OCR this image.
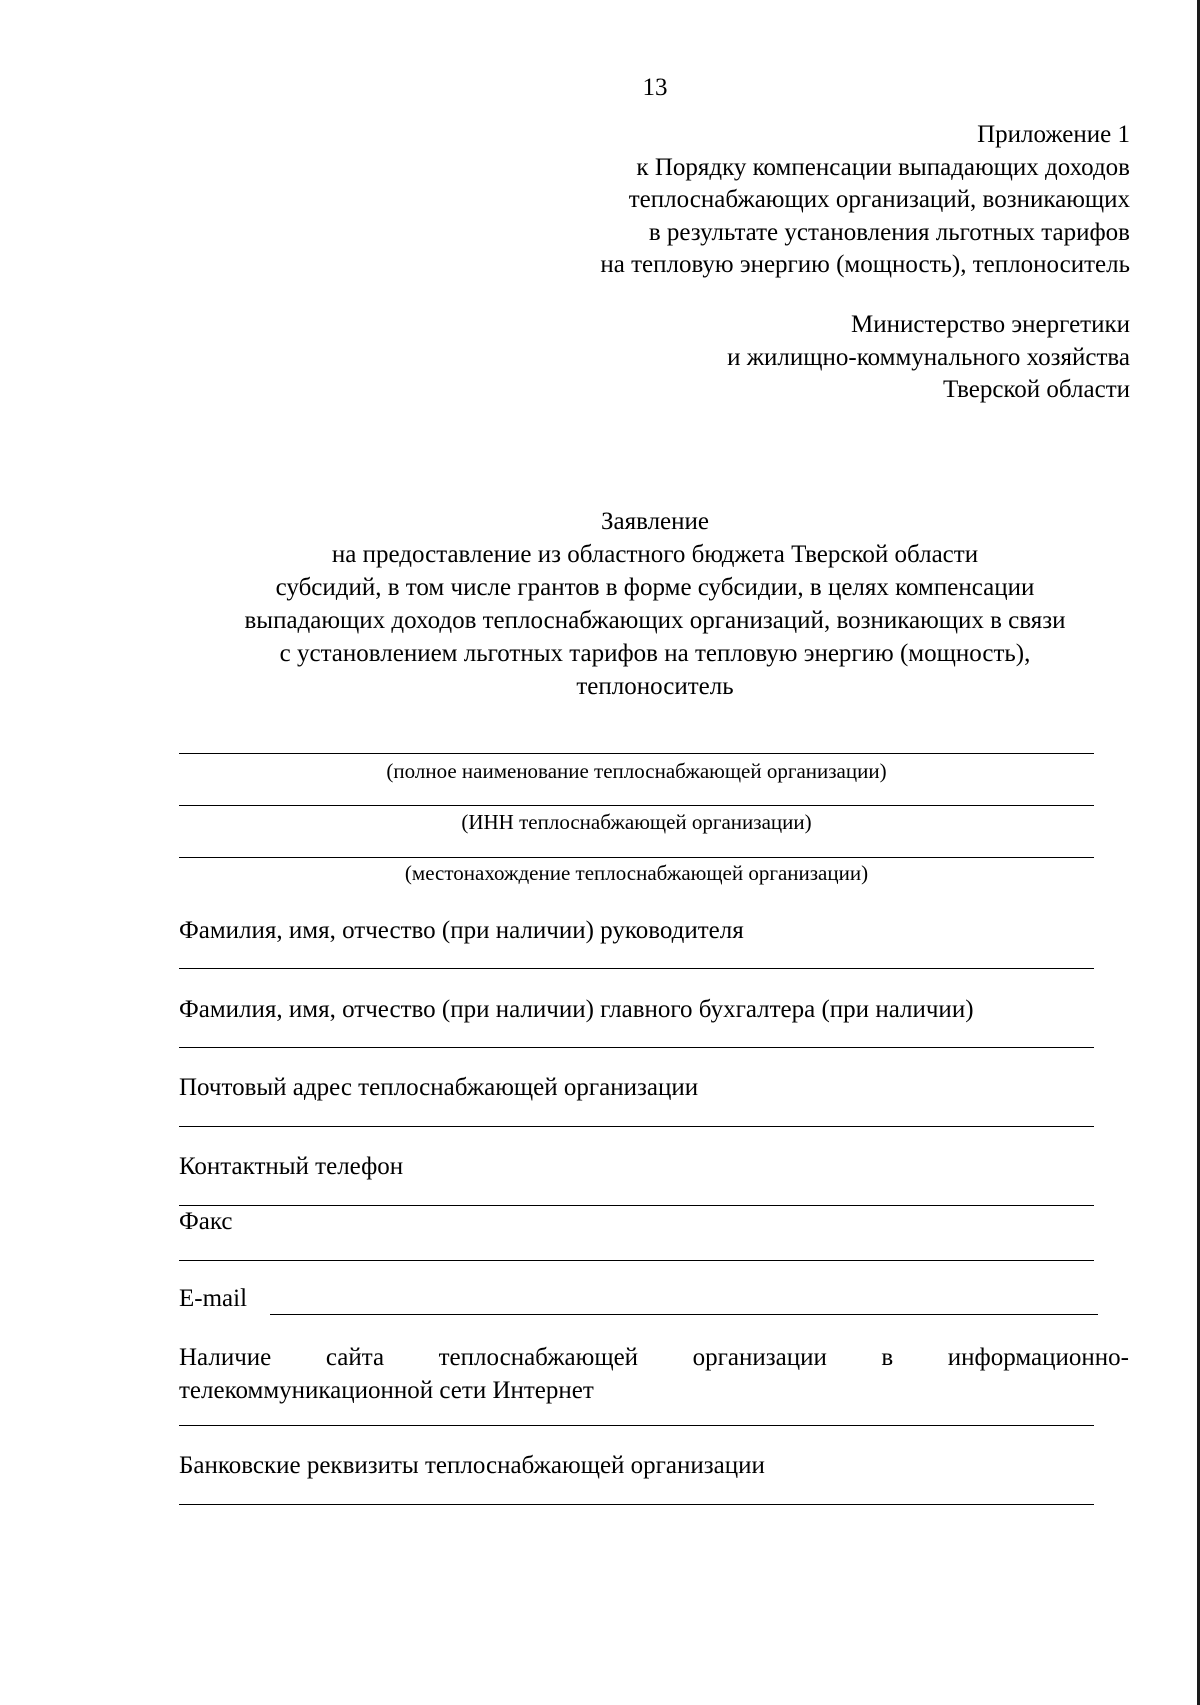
13
Приложение 1
к Порядку компенсации выпадающих доходов
теплоснабжающих организаций, возникающих
в результате установления льготных тарифов
на тепловую энергию (мощность), теплоноситель
Министерство энергетики
и жилищно-коммунального хозяйства
Тверской области
Заявление
на предоставление из областного бюджета Тверской области
субсидий, в том числе грантов в форме субсидии, в целях компенсации
выпадающих доходов теплоснабжающих организаций, возникающих в связи
с установлением льготных тарифов на тепловую энергию (мощность),
теплоноситель
(полное наименование теплоснабжающей организации)
(ИНН теплоснабжающей организации)
(местонахождение теплоснабжающей организации)
Фамилия, имя, отчество (при наличии) руководителя
Фамилия, имя, отчество (при наличии) главного бухгалтера (при наличии)
Почтовый адрес теплоснабжающей организации
Контактный телефон
Факс
E-mail
Наличие сайта теплоснабжающей организации в информационно-
телекоммуникационной сети Интернет
Банковские реквизиты теплоснабжающей организации
